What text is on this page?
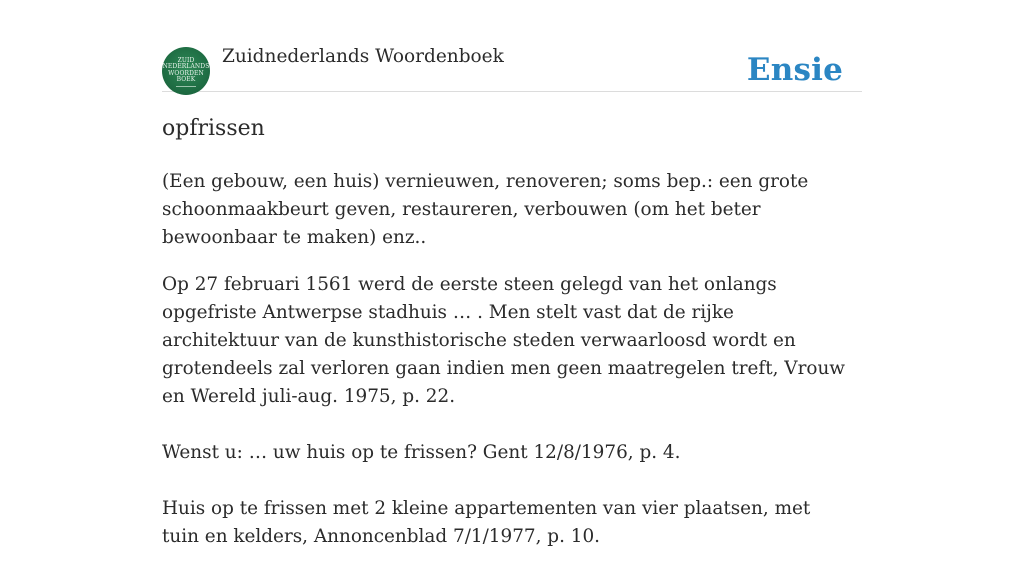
ZUID
NEDERLANDS
WOORDEN
BOEK
Zuidnederlands Woordenboek	Ensie
opfrissen

(Een gebouw, een huis) vernieuwen, renoveren; soms bep.: een grote schoonmaakbeurt geven, restaureren, verbouwen (om het beter bewoonbaar te maken) enz..

Op 27 februari 1561 werd de eerste steen gelegd van het onlangs opgefriste Antwerpse stadhuis … . Men stelt vast dat de rijke architektuur van de kunsthistorische steden verwaarloosd wordt en grotendeels zal verloren gaan indien men geen maatregelen treft, Vrouw en Wereld juli-aug. 1975, p. 22.

Wenst u: … uw huis op te frissen? Gent 12/8/1976, p. 4.

Huis op te frissen met 2 kleine appartementen van vier plaatsen, met tuin en kelders, Annoncenblad 7/1/1977, p. 10.
